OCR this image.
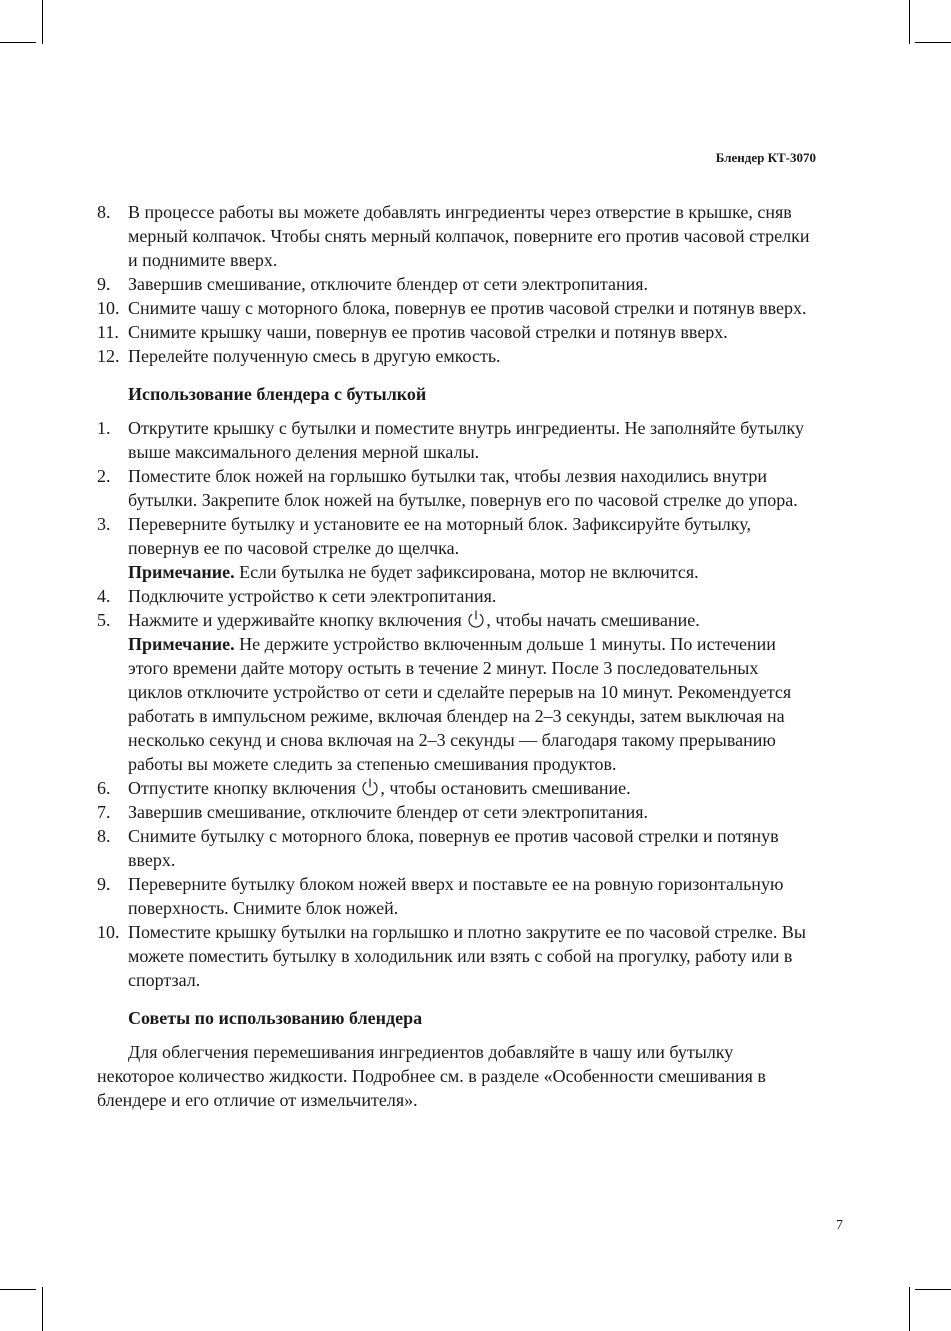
Блендер КТ-3070
8. В процессе работы вы можете добавлять ингредиенты через отверстие в крышке, сняв мерный колпачок. Чтобы снять мерный колпачок, поверните его против часовой стрелки и поднимите вверх.
9. Завершив смешивание, отключите блендер от сети электропитания.
10. Снимите чашу с моторного блока, повернув ее против часовой стрелки и потянув вверх.
11. Снимите крышку чаши, повернув ее против часовой стрелки и потянув вверх.
12. Перелейте полученную смесь в другую емкость.
Использование блендера с бутылкой
1. Открутите крышку с бутылки и поместите внутрь ингредиенты. Не заполняйте бутылку выше максимального деления мерной шкалы.
2. Поместите блок ножей на горлышко бутылки так, чтобы лезвия находились внутри бутылки. Закрепите блок ножей на бутылке, повернув его по часовой стрелке до упора.
3. Переверните бутылку и установите ее на моторный блок. Зафиксируйте бутылку, повернув ее по часовой стрелке до щелчка.
Примечание. Если бутылка не будет зафиксирована, мотор не включится.
4. Подключите устройство к сети электропитания.
5. Нажмите и удерживайте кнопку включения , чтобы начать смешивание.
Примечание. Не держите устройство включенным дольше 1 минуты. По истечении этого времени дайте мотору остыть в течение 2 минут. После 3 последовательных циклов отключите устройство от сети и сделайте перерыв на 10 минут. Рекомендуется работать в импульсном режиме, включая блендер на 2–3 секунды, затем выключая на несколько секунд и снова включая на 2–3 секунды — благодаря такому прерыванию работы вы можете следить за степенью смешивания продуктов.
6. Отпустите кнопку включения , чтобы остановить смешивание.
7. Завершив смешивание, отключите блендер от сети электропитания.
8. Снимите бутылку с моторного блока, повернув ее против часовой стрелки и потянув вверх.
9. Переверните бутылку блоком ножей вверх и поставьте ее на ровную горизонтальную поверхность. Снимите блок ножей.
10. Поместите крышку бутылки на горлышко и плотно закрутите ее по часовой стрелке. Вы можете поместить бутылку в холодильник или взять с собой на прогулку, работу или в спортзал.
Советы по использованию блендера

Для облегчения перемешивания ингредиентов добавляйте в чашу или бутылку некоторое количество жидкости. Подробнее см. в разделе «Особенности смешивания в блендере и его отличие от измельчителя».

7
